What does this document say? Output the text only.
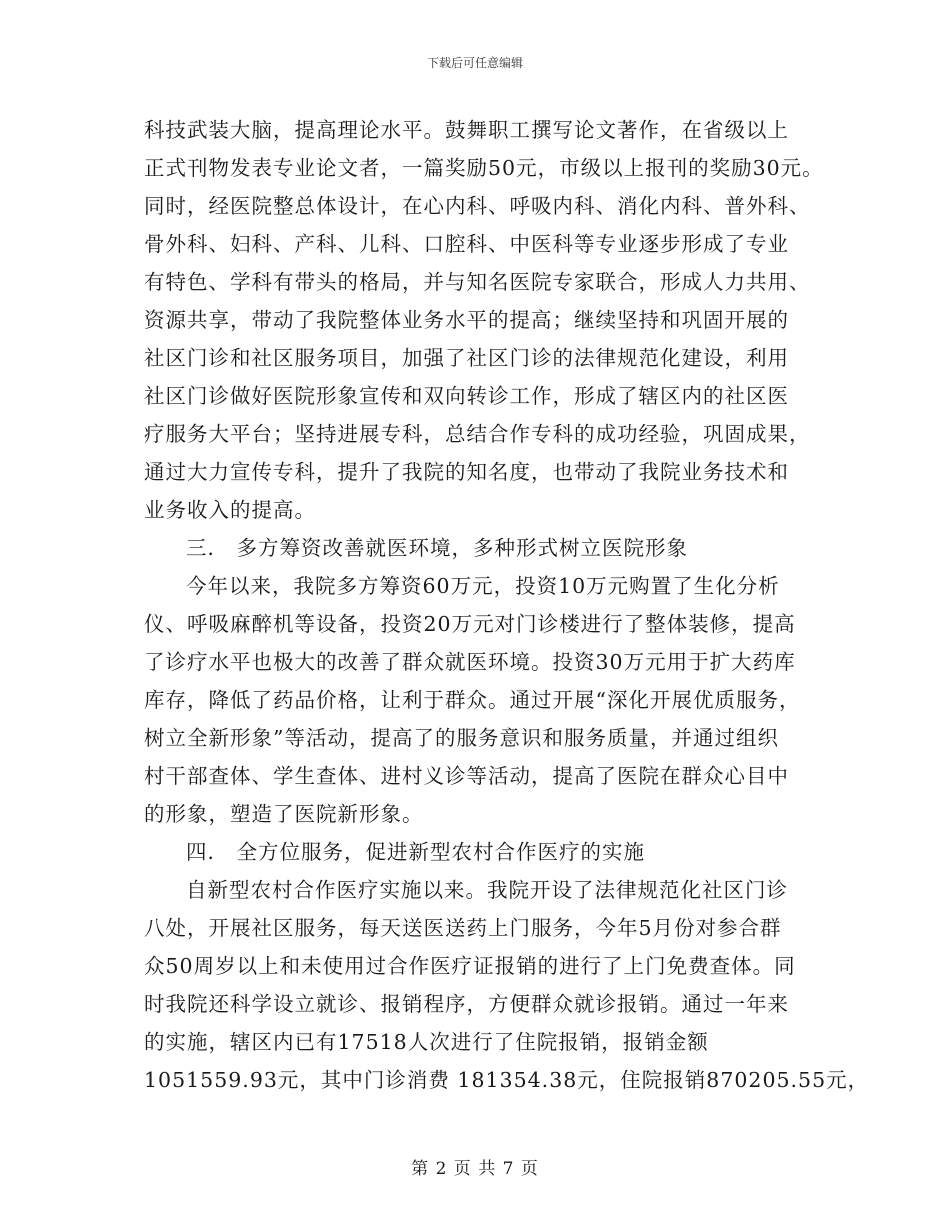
下载后可任意编辑
科技武装大脑，提高理论水平。鼓舞职工撰写论文著作，在省级以上
正式刊物发表专业论文者，一篇奖励50元，市级以上报刊的奖励30元。
同时，经医院整总体设计，在心内科、呼吸内科、消化内科、普外科、
骨外科、妇科、产科、儿科、口腔科、中医科等专业逐步形成了专业
有特色、学科有带头的格局，并与知名医院专家联合，形成人力共用、
资源共享，带动了我院整体业务水平的提高；继续坚持和巩固开展的
社区门诊和社区服务项目，加强了社区门诊的法律规范化建设，利用
社区门诊做好医院形象宣传和双向转诊工作，形成了辖区内的社区医
疗服务大平台；坚持进展专科，总结合作专科的成功经验，巩固成果，
通过大力宣传专科，提升了我院的知名度，也带动了我院业务技术和
业务收入的提高。
三． 多方筹资改善就医环境，多种形式树立医院形象
今年以来，我院多方筹资60万元，投资10万元购置了生化分析
仪、呼吸麻醉机等设备，投资20万元对门诊楼进行了整体装修，提高
了诊疗水平也极大的改善了群众就医环境。投资30万元用于扩大药库
库存，降低了药品价格，让利于群众。通过开展“深化开展优质服务，
树立全新形象”等活动，提高了的服务意识和服务质量，并通过组织
村干部查体、学生查体、进村义诊等活动，提高了医院在群众心目中
的形象，塑造了医院新形象。
四． 全方位服务，促进新型农村合作医疗的实施
自新型农村合作医疗实施以来。我院开设了法律规范化社区门诊
八处，开展社区服务，每天送医送药上门服务，今年5月份对参合群
众50周岁以上和未使用过合作医疗证报销的进行了上门免费查体。同
时我院还科学设立就诊、报销程序，方便群众就诊报销。通过一年来
的实施，辖区内已有17518人次进行了住院报销，报销金额
1051559.93元，其中门诊消费 181354.38元，住院报销870205.55元，
第 2 页 共 7 页
